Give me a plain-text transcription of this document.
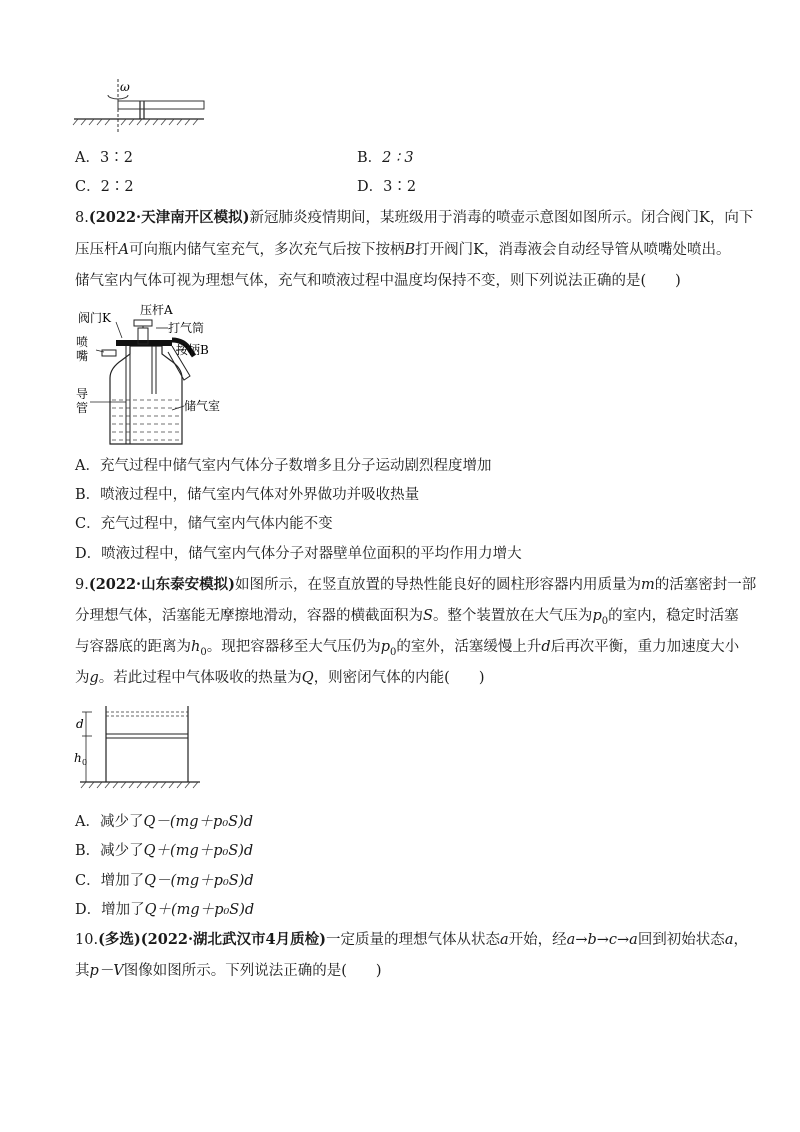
ω
A．3∶2	B．2 ∶ 3
C．2∶2	D．3∶2
8.(2022·天津南开区模拟)新冠肺炎疫情期间，某班级用于消毒的喷壶示意图如图所示。闭合阀门K，向下
压压杆A可向瓶内储气室充气，多次充气后按下按柄B打开阀门K，消毒液会自动经导管从喷嘴处喷出。
储气室内气体可视为理想气体，充气和喷液过程中温度均保持不变，则下列说法正确的是(　　)
阀门K
压杆A
打气筒
喷
嘴	按柄B
导
管	储气室
A．充气过程中储气室内气体分子数增多且分子运动剧烈程度增加
B．喷液过程中，储气室内气体对外界做功并吸收热量
C．充气过程中，储气室内气体内能不变
D．喷液过程中，储气室内气体分子对器壁单位面积的平均作用力增大
9.(2022·山东泰安模拟)如图所示，在竖直放置的导热性能良好的圆柱形容器内用质量为m的活塞密封一部
分理想气体，活塞能无摩擦地滑动，容器的横截面积为S。整个装置放在大气压为$p_0$的室内，稳定时活塞
与容器底的距离为$h_0$。现把容器移至大气压仍为$p_0$的室外，活塞缓慢上升d后再次平衡，重力加速度大小
为g。若此过程中气体吸收的热量为Q，则密闭气体的内能(　　)
d
h 0
A．减少了Q－(mg＋p₀S)d
B．减少了Q＋(mg＋p₀S)d
C．增加了Q－(mg＋p₀S)d
D．增加了Q＋(mg＋p₀S)d
10.(多选)(2022·湖北武汉市4月质检)一定质量的理想气体从状态a开始，经a→b→c→a回到初始状态a，
其p－V图像如图所示。下列说法正确的是(　　)
